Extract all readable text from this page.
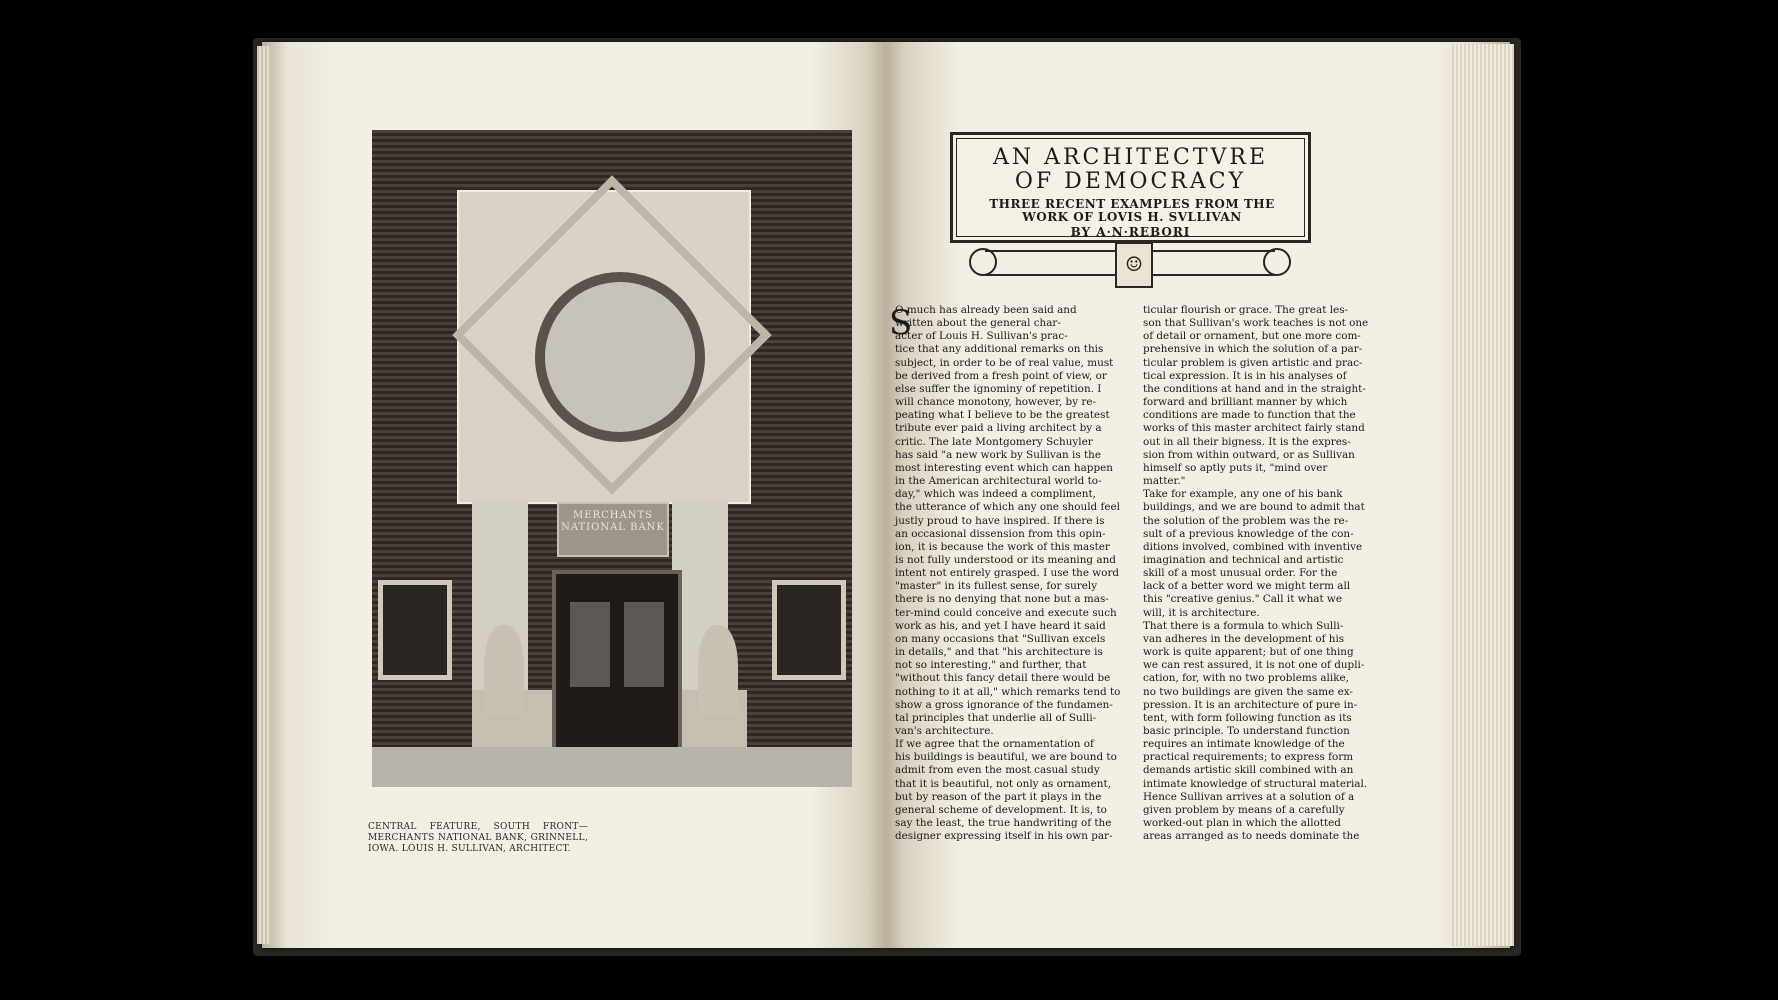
MERCHANTS NATIONAL BANK

CENTRAL FEATURE, SOUTH FRONT—MERCHANTS NATIONAL BANK, GRINNELL, IOWA. LOUIS H. SULLIVAN, ARCHITECT.

AN ARCHITECTVRE
OF DEMOCRACY
THREE RECENT EXAMPLES FROM THE
WORK OF LOVIS H. SVLLIVAN
BY A·N·REBORI
☺
S
O much has already been said and
written about the general char-
acter of Louis H. Sullivan's prac-
tice that any additional remarks on this
subject, in order to be of real value, must
be derived from a fresh point of view, or
else suffer the ignominy of repetition. I
will chance monotony, however, by re-
peating what I believe to be the greatest
tribute ever paid a living architect by a
critic. The late Montgomery Schuyler
has said "a new work by Sullivan is the
most interesting event which can happen
in the American architectural world to-
day," which was indeed a compliment,
the utterance of which any one should feel
justly proud to have inspired. If there is
an occasional dissension from this opin-
ion, it is because the work of this master
is not fully understood or its meaning and
intent not entirely grasped. I use the word
"master" in its fullest sense, for surely
there is no denying that none but a mas-
ter-mind could conceive and execute such
work as his, and yet I have heard it said
on many occasions that "Sullivan excels
in details," and that "his architecture is
not so interesting," and further, that
"without this fancy detail there would be
nothing to it at all," which remarks tend to
show a gross ignorance of the fundamen-
tal principles that underlie all of Sulli-
van's architecture.
If we agree that the ornamentation of
his buildings is beautiful, we are bound to
admit from even the most casual study
that it is beautiful, not only as ornament,
but by reason of the part it plays in the
general scheme of development. It is, to
say the least, the true handwriting of the
designer expressing itself in his own par-
ticular flourish or grace. The great les-
son that Sullivan's work teaches is not one
of detail or ornament, but one more com-
prehensive in which the solution of a par-
ticular problem is given artistic and prac-
tical expression. It is in his analyses of
the conditions at hand and in the straight-
forward and brilliant manner by which
conditions are made to function that the
works of this master architect fairly stand
out in all their bigness. It is the expres-
sion from within outward, or as Sullivan
himself so aptly puts it, "mind over
matter."
Take for example, any one of his bank
buildings, and we are bound to admit that
the solution of the problem was the re-
sult of a previous knowledge of the con-
ditions involved, combined with inventive
imagination and technical and artistic
skill of a most unusual order. For the
lack of a better word we might term all
this "creative genius." Call it what we
will, it is architecture.
That there is a formula to which Sulli-
van adheres in the development of his
work is quite apparent; but of one thing
we can rest assured, it is not one of dupli-
cation, for, with no two problems alike,
no two buildings are given the same ex-
pression. It is an architecture of pure in-
tent, with form following function as its
basic principle. To understand function
requires an intimate knowledge of the
practical requirements; to express form
demands artistic skill combined with an
intimate knowledge of structural material.
Hence Sullivan arrives at a solution of a
given problem by means of a carefully
worked-out plan in which the allotted
areas arranged as to needs dominate the
